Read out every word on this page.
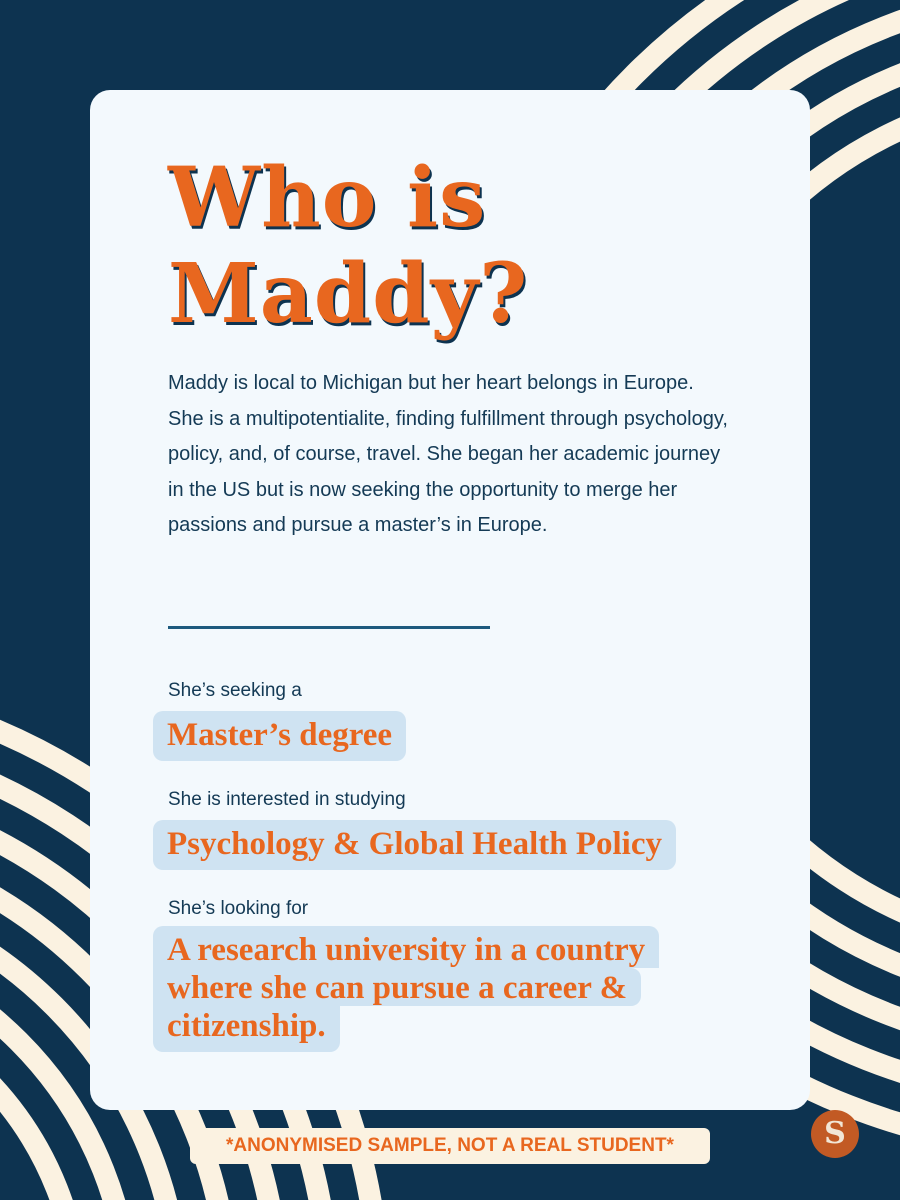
Who is
Maddy?

Maddy is local to Michigan but her heart belongs in Europe. She is a multipotentialite, finding fulfillment through psychology, policy, and, of course, travel. She began her academic journey in the US but is now seeking the opportunity to merge her passions and pursue a master’s in Europe.

She’s seeking a

Master’s degree

She is interested in studying

Psychology & Global Health Policy

She’s looking for

A research university in a country
where she can pursue a career &
citizenship.
*ANONYMISED SAMPLE, NOT A REAL STUDENT*	S
